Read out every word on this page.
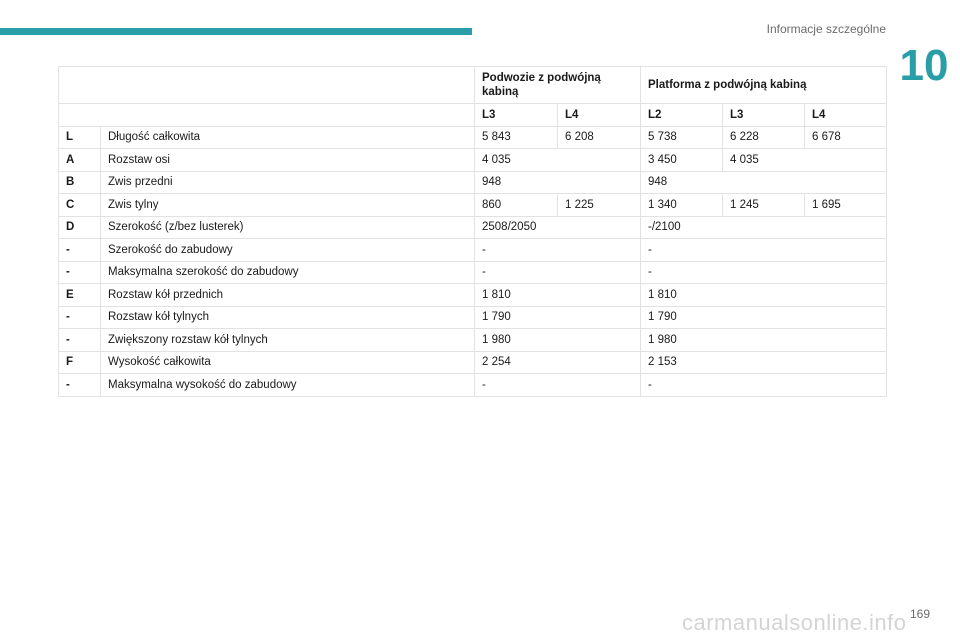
Informacje szczególne
10
		Podwozie z podwójną kabiną		Platforma z podwójną kabiną		
		L3	L4	L2	L3	L4
L	Długość całkowita	5 843	6 208	5 738	6 228	6 678
A	Rozstaw osi	4 035		3 450	4 035	
B	Zwis przedni	948		948		
C	Zwis tylny	860	1 225	1 340	1 245	1 695
D	Szerokość (z/bez lusterek)	2508/2050		-/2100		
-	Szerokość do zabudowy	-		-		
-	Maksymalna szerokość do zabudowy	-		-		
E	Rozstaw kół przednich	1 810		1 810		
-	Rozstaw kół tylnych	1 790		1 790		
-	Zwiększony rozstaw kół tylnych	1 980		1 980		
F	Wysokość całkowita	2 254		2 153		
-	Maksymalna wysokość do zabudowy	-		-		
carmanualsonline.info 169
